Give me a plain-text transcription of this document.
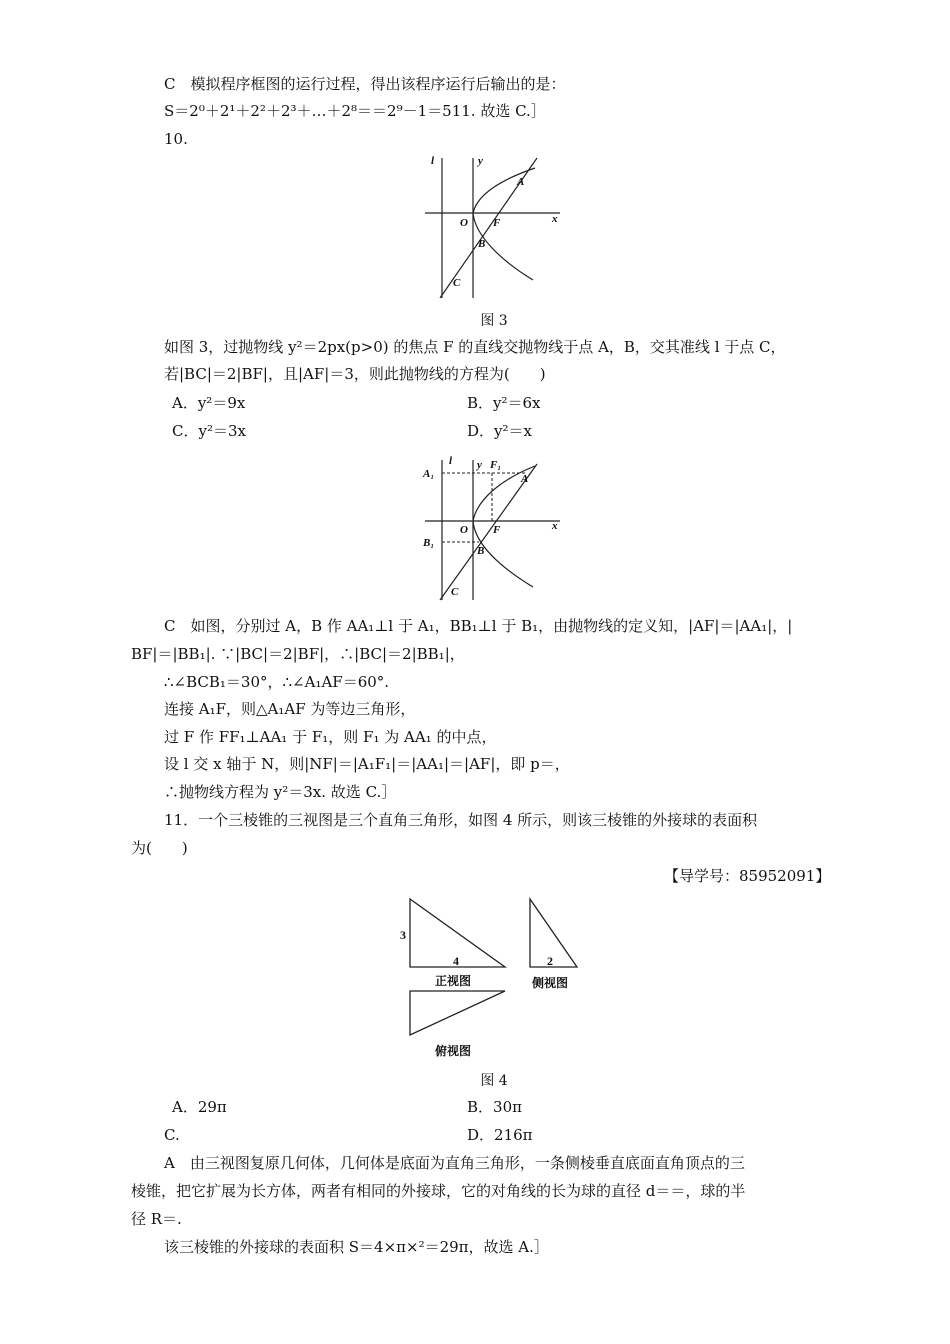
C　模拟程序框图的运行过程，得出该程序运行后输出的是：
S＝2⁰＋2¹＋2²＋2³＋…＋2⁸＝＝2⁹－1＝511. 故选 C.］
10.
l	y
x
O F
A
B
C
图 3
如图 3，过抛物线 y²＝2px(p>0) 的焦点 F 的直线交抛物线于点 A，B，交其准线 l 于点 C，
若|BC|＝2|BF|，且|AF|＝3，则此抛物线的方程为(　　)
A．y²＝9x	B．y²＝6x
C．y²＝3x	D．y²＝x
l y
x
O F
A
B
C
A₁
F₁
B₁
C　如图，分别过 A，B 作 AA₁⊥l 于 A₁，BB₁⊥l 于 B₁，由抛物线的定义知，|AF|＝|AA₁|，|
BF|＝|BB₁|. ∵|BC|＝2|BF|，∴|BC|＝2|BB₁|，
∴∠BCB₁＝30°，∴∠A₁AF＝60°.
连接 A₁F，则△A₁AF 为等边三角形，
过 F 作 FF₁⊥AA₁ 于 F₁，则 F₁ 为 AA₁ 的中点，
设 l 交 x 轴于 N，则|NF|＝|A₁F₁|＝|AA₁|＝|AF|，即 p＝，
∴抛物线方程为 y²＝3x. 故选 C.］
11．一个三棱锥的三视图是三个直角三角形，如图 4 所示，则该三棱锥的外接球的表面积
为(　　)
【导学号：85952091】
3
4	2
正视图	侧视图
俯视图
图 4
A．29π	B．30π
C.	D．216π
A　由三视图复原几何体，几何体是底面为直角三角形，一条侧棱垂直底面直角顶点的三
棱锥，把它扩展为长方体，两者有相同的外接球，它的对角线的长为球的直径 d＝＝，球的半
径 R＝.
该三棱锥的外接球的表面积 S＝4×π×²＝29π，故选 A.］
